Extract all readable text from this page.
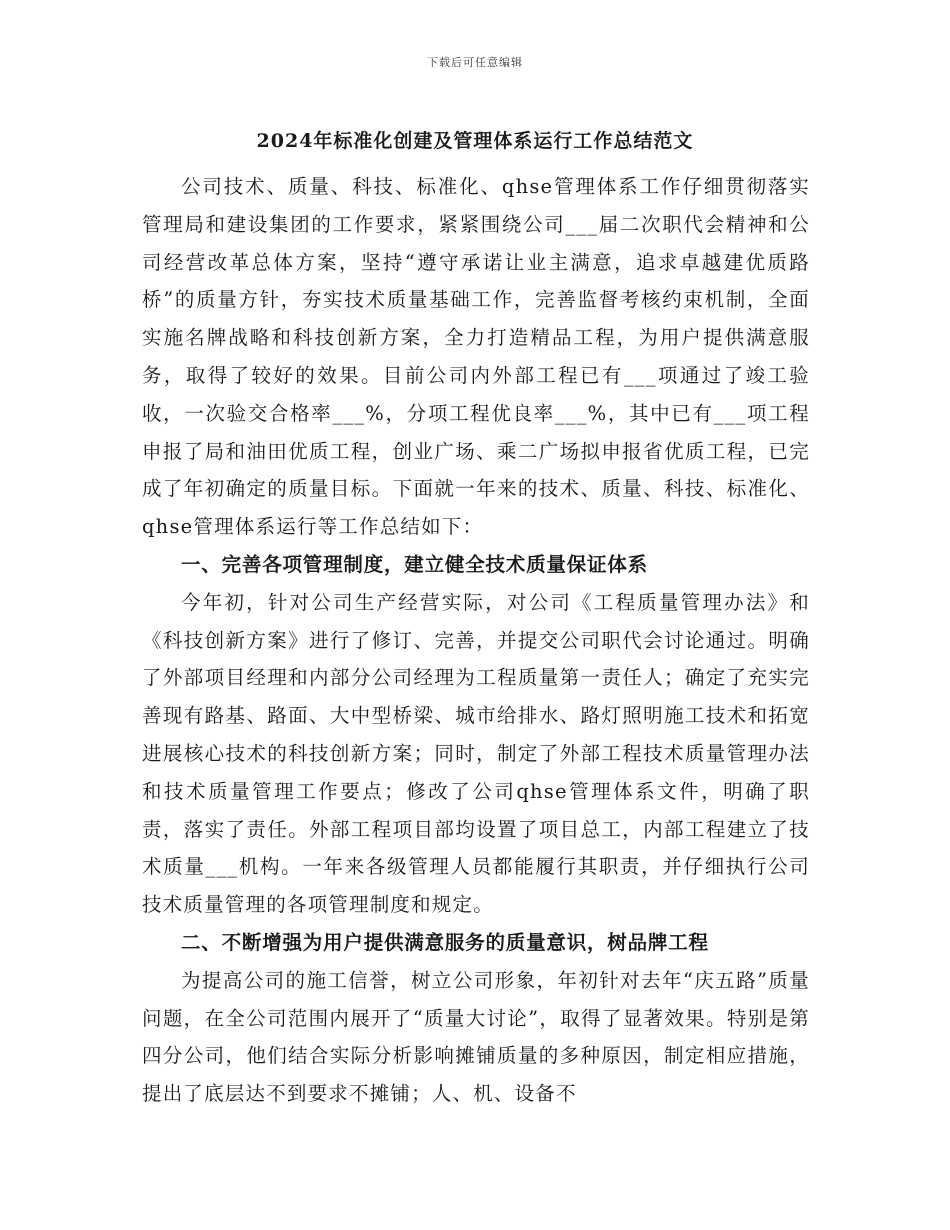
下载后可任意编辑
2024年标准化创建及管理体系运行工作总结范文

公司技术、质量、科技、标准化、qhse管理体系工作仔细贯彻落实管理局和建设集团的工作要求，紧紧围绕公司___届二次职代会精神和公司经营改革总体方案，坚持“遵守承诺让业主满意，追求卓越建优质路桥”的质量方针，夯实技术质量基础工作，完善监督考核约束机制，全面实施名牌战略和科技创新方案，全力打造精品工程，为用户提供满意服务，取得了较好的效果。目前公司内外部工程已有___项通过了竣工验收，一次验交合格率___%，分项工程优良率___%，其中已有___项工程申报了局和油田优质工程，创业广场、乘二广场拟申报省优质工程，已完成了年初确定的质量目标。下面就一年来的技术、质量、科技、标准化、qhse管理体系运行等工作总结如下：

一、完善各项管理制度，建立健全技术质量保证体系

今年初，针对公司生产经营实际，对公司《工程质量管理办法》和《科技创新方案》进行了修订、完善，并提交公司职代会讨论通过。明确了外部项目经理和内部分公司经理为工程质量第一责任人；确定了充实完善现有路基、路面、大中型桥梁、城市给排水、路灯照明施工技术和拓宽进展核心技术的科技创新方案；同时，制定了外部工程技术质量管理办法和技术质量管理工作要点；修改了公司qhse管理体系文件，明确了职责，落实了责任。外部工程项目部均设置了项目总工，内部工程建立了技术质量___机构。一年来各级管理人员都能履行其职责，并仔细执行公司技术质量管理的各项管理制度和规定。

二、不断增强为用户提供满意服务的质量意识，树品牌工程

为提高公司的施工信誉，树立公司形象，年初针对去年“庆五路”质量问题，在全公司范围内展开了“质量大讨论”，取得了显著效果。特别是第四分公司，他们结合实际分析影响摊铺质量的多种原因，制定相应措施，提出了底层达不到要求不摊铺；人、机、设备不
